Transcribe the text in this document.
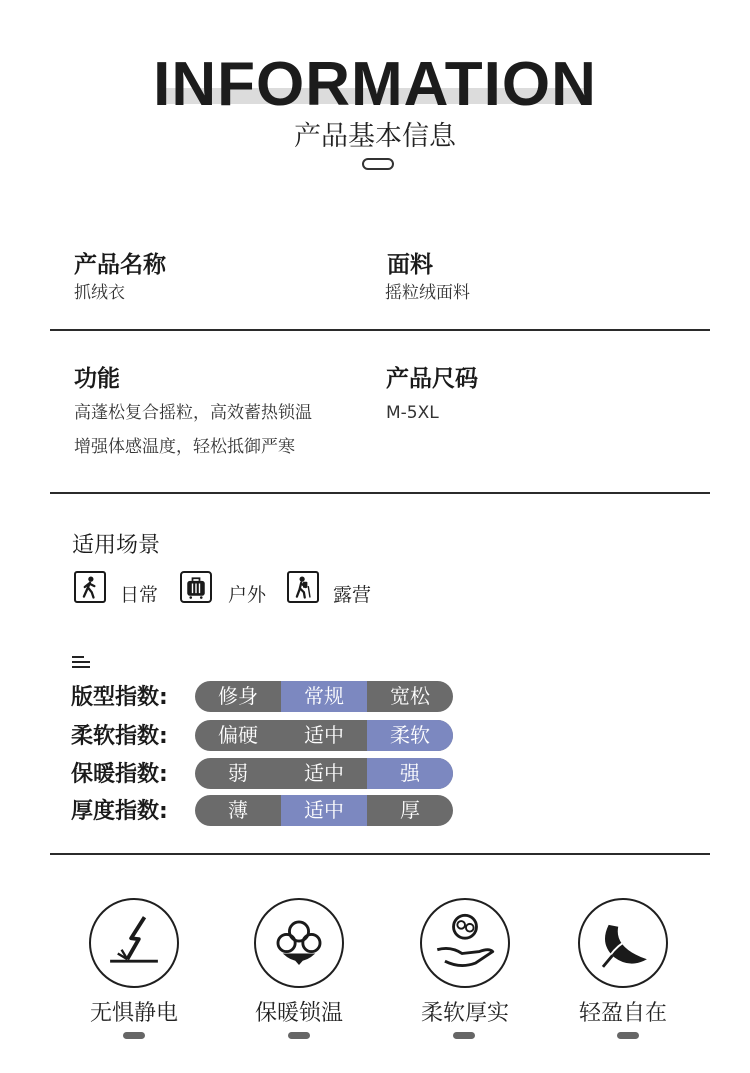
INFORMATION
产品基本信息
产品名称
抓绒衣
面料
摇粒绒面料
功能
高蓬松复合摇粒，高效蓄热锁温
增强体感温度，轻松抵御严寒
产品尺码
M-5XL
适用场景
日常	户外	露营
版型指数:	修身	常规	宽松
柔软指数:	偏硬	适中	柔软
保暖指数:	弱	适中	强
厚度指数:	薄	适中	厚
无惧静电	保暖锁温	柔软厚实	轻盈自在
